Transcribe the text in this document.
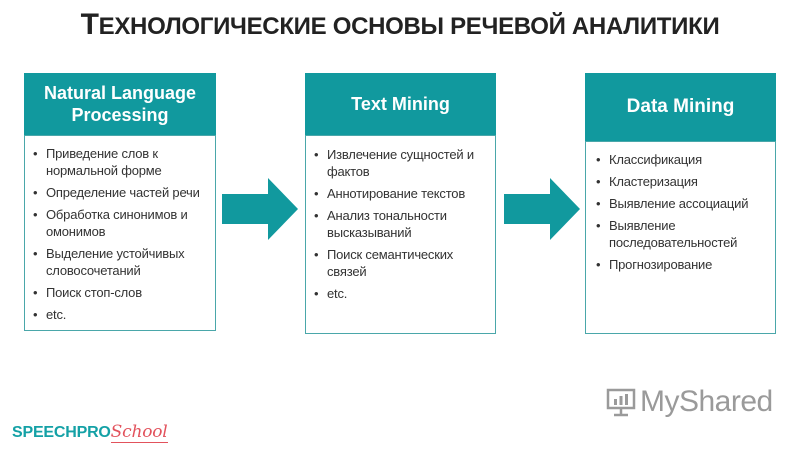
ТЕХНОЛОГИЧЕСКИЕ ОСНОВЫ РЕЧЕВОЙ АНАЛИТИКИ
Natural Language Processing
• Приведение слов к нормальной форме
• Определение частей речи
• Обработка синонимов и омонимов
• Выделение устойчивых словосочетаний
• Поиск стоп-слов
• etc.
Text Mining
• Извлечение сущностей и фактов
• Аннотирование текстов
• Анализ тональности высказываний
• Поиск семантических связей
• etc.
Data Mining
• Классификация
• Кластеризация
• Выявление ассоциаций
• Выявление последовательностей
• Прогнозирование
MyShared
SPEECHPROSchool
